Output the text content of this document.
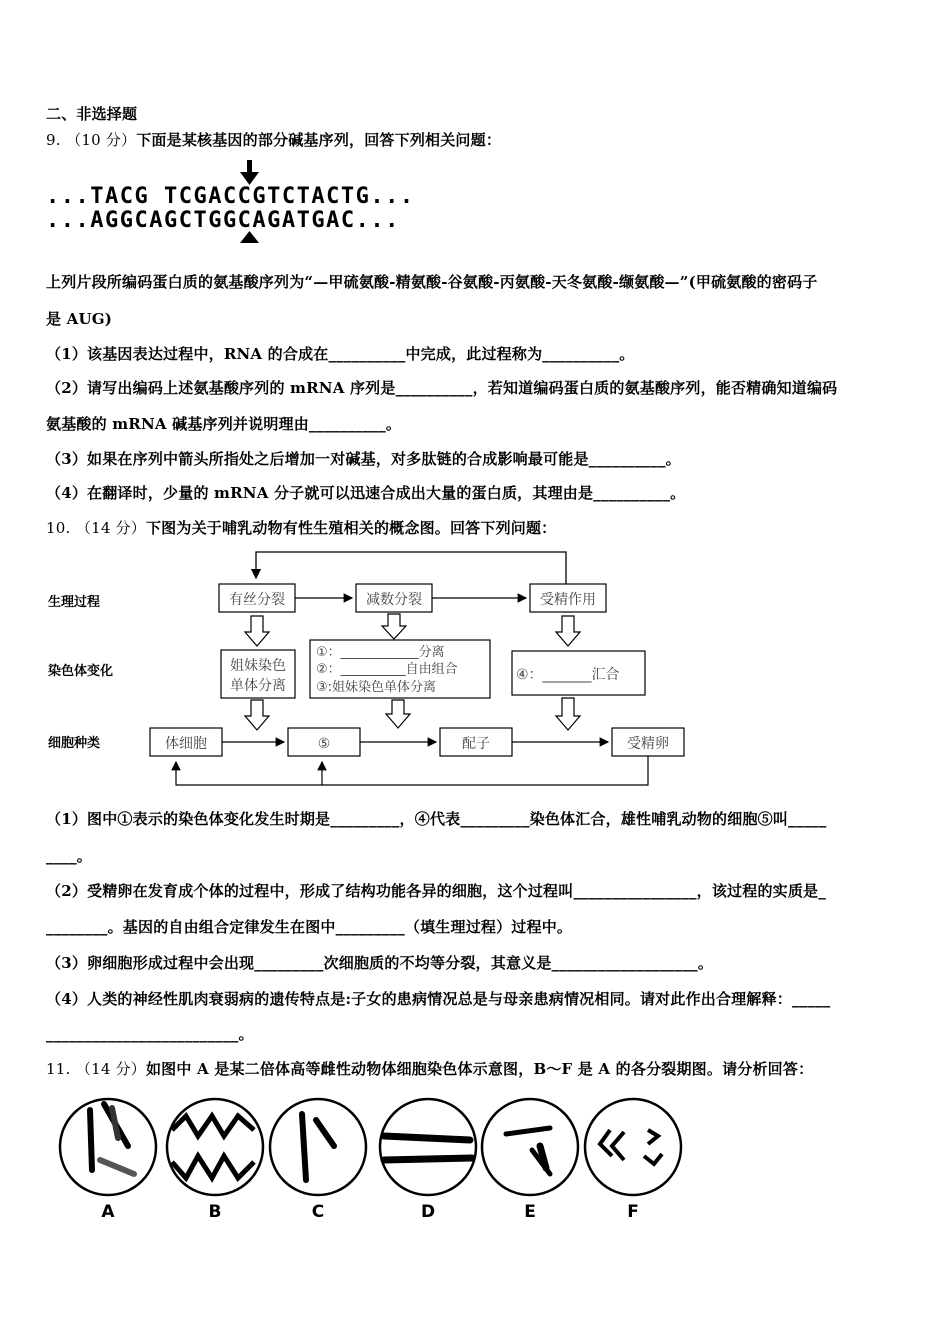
二、非选择题
9. （10 分）下面是某核基因的部分碱基序列，回答下列相关问题：
...TACG TCGACCGTCTACTG...
...AGGCAGCTGGCAGATGAC...
上列片段所编码蛋白质的氨基酸序列为“—甲硫氨酸-精氨酸-谷氨酸-丙氨酸-天冬氨酸-缬氨酸—”(甲硫氨酸的密码子
是 AUG)
（1）该基因表达过程中，RNA 的合成在__________中完成，此过程称为__________。
（2）请写出编码上述氨基酸序列的 mRNA 序列是__________，若知道编码蛋白质的氨基酸序列，能否精确知道编码
氨基酸的 mRNA 碱基序列并说明理由__________。
（3）如果在序列中箭头所指处之后增加一对碱基，对多肽链的合成影响最可能是__________。
（4）在翻译时，少量的 mRNA 分子就可以迅速合成出大量的蛋白质，其理由是__________。
10. （14 分）下图为关于哺乳动物有性生殖相关的概念图。回答下列问题：
生理过程
染色体变化
细胞种类
有丝分裂	减数分裂	受精作用
姐妹染色
单体分离
①：____________分离
②：__________自由组合
③:姐妹染色单体分离
④：_______汇合
体细胞	⑤	配子	受精卵
（1）图中①表示的染色体变化发生时期是_________，④代表_________染色体汇合，雄性哺乳动物的细胞⑤叫_____
____。
（2）受精卵在发育成个体的过程中，形成了结构功能各异的细胞，这个过程叫________________，该过程的实质是_
________。基因的自由组合定律发生在图中_________（填生理过程）过程中。
（3）卵细胞形成过程中会出现_________次细胞质的不均等分裂，其意义是___________________。
（4）人类的神经性肌肉衰弱病的遗传特点是:子女的患病情况总是与母亲患病情况相同。请对此作出合理解释：_____
_________________________。
11. （14 分）如图中 A 是某二倍体高等雌性动物体细胞染色体示意图，B～F 是 A 的各分裂期图。请分析回答：
A	B	C	D	E	F
